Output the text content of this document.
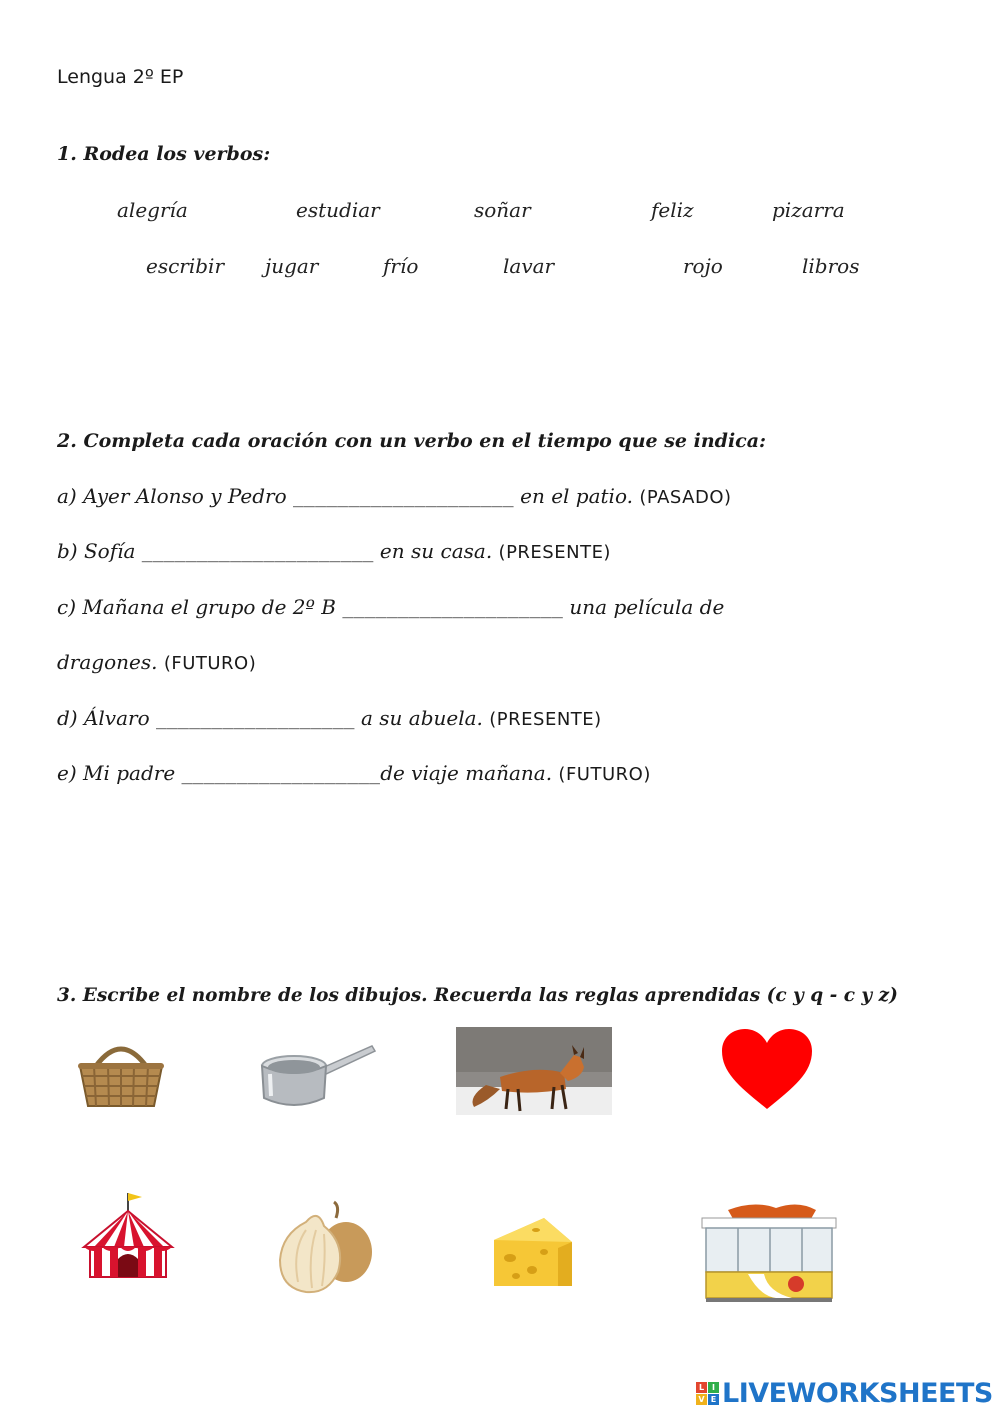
Lengua 2º EP
1. Rodea los verbos:
alegría	estudiar	soñar	feliz	pizarra
escribir jugar	frío	lavar	rojo	libros
2. Completa cada oración con un verbo en el tiempo que se indica:
a) Ayer Alonso y Pedro ____________________ en el patio. (PASADO)
b) Sofía _____________________ en su casa. (PRESENTE)
c) Mañana el grupo de 2º B ____________________ una película de
dragones. (FUTURO)
d) Álvaro __________________ a su abuela. (PRESENTE)
e) Mi padre __________________de viaje mañana. (FUTURO)
3. Escribe el nombre de los dibujos. Recuerda las reglas aprendidas (c y q - c y z)
L I
V E LIVEWORKSHEETS
